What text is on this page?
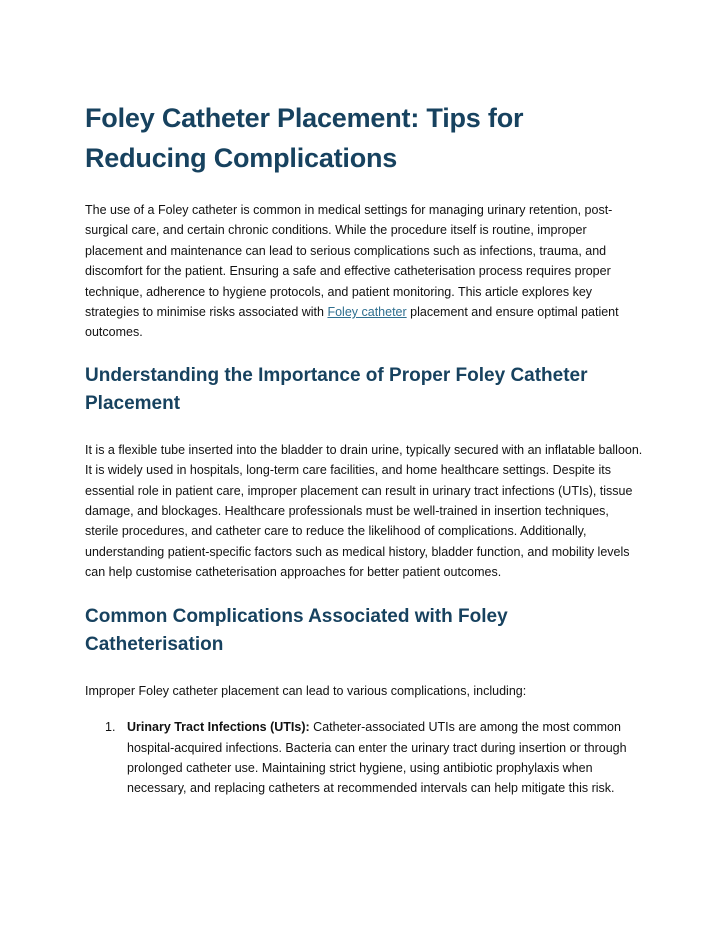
Foley Catheter Placement: Tips for Reducing Complications

The use of a Foley catheter is common in medical settings for managing urinary retention, post-surgical care, and certain chronic conditions. While the procedure itself is routine, improper placement and maintenance can lead to serious complications such as infections, trauma, and discomfort for the patient. Ensuring a safe and effective catheterisation process requires proper technique, adherence to hygiene protocols, and patient monitoring. This article explores key strategies to minimise risks associated with Foley catheter placement and ensure optimal patient outcomes.

Understanding the Importance of Proper Foley Catheter Placement

It is a flexible tube inserted into the bladder to drain urine, typically secured with an inflatable balloon. It is widely used in hospitals, long-term care facilities, and home healthcare settings. Despite its essential role in patient care, improper placement can result in urinary tract infections (UTIs), tissue damage, and blockages. Healthcare professionals must be well-trained in insertion techniques, sterile procedures, and catheter care to reduce the likelihood of complications. Additionally, understanding patient-specific factors such as medical history, bladder function, and mobility levels can help customise catheterisation approaches for better patient outcomes.

Common Complications Associated with Foley Catheterisation

Improper Foley catheter placement can lead to various complications, including:

1. Urinary Tract Infections (UTIs): Catheter-associated UTIs are among the most common hospital-acquired infections. Bacteria can enter the urinary tract during insertion or through prolonged catheter use. Maintaining strict hygiene, using antibiotic prophylaxis when necessary, and replacing catheters at recommended intervals can help mitigate this risk.
